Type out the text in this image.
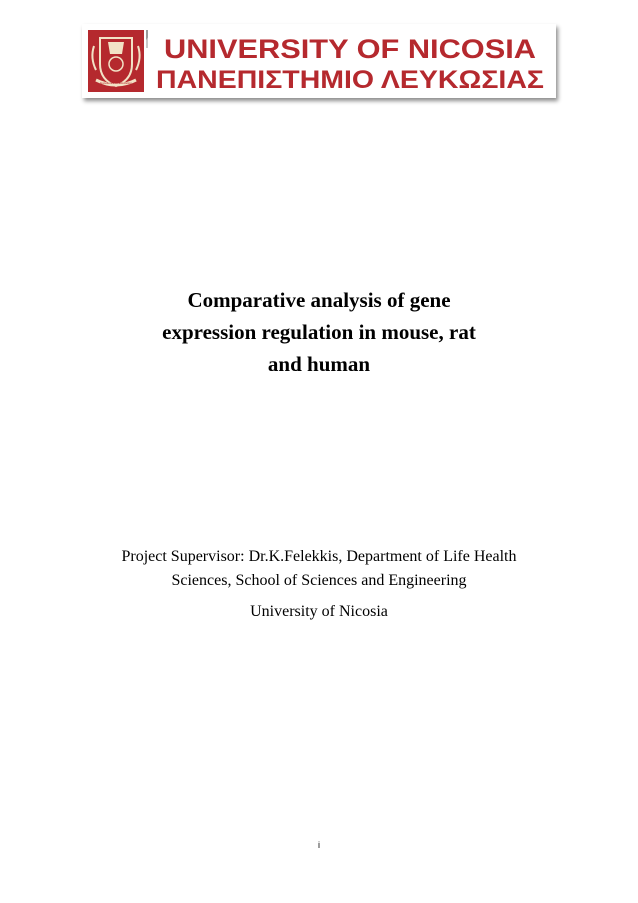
Excellence in Education
UNIVERSITY OF NICOSIA
ΠΑΝΕΠΙΣΤΗΜΙΟ ΛΕΥΚΩΣΙΑΣ
Comparative analysis of gene
expression regulation in mouse, rat
and human

Project Supervisor: Dr.K.Felekkis, Department of Life Health
Sciences, School of Sciences and Engineering

University of Nicosia

i
